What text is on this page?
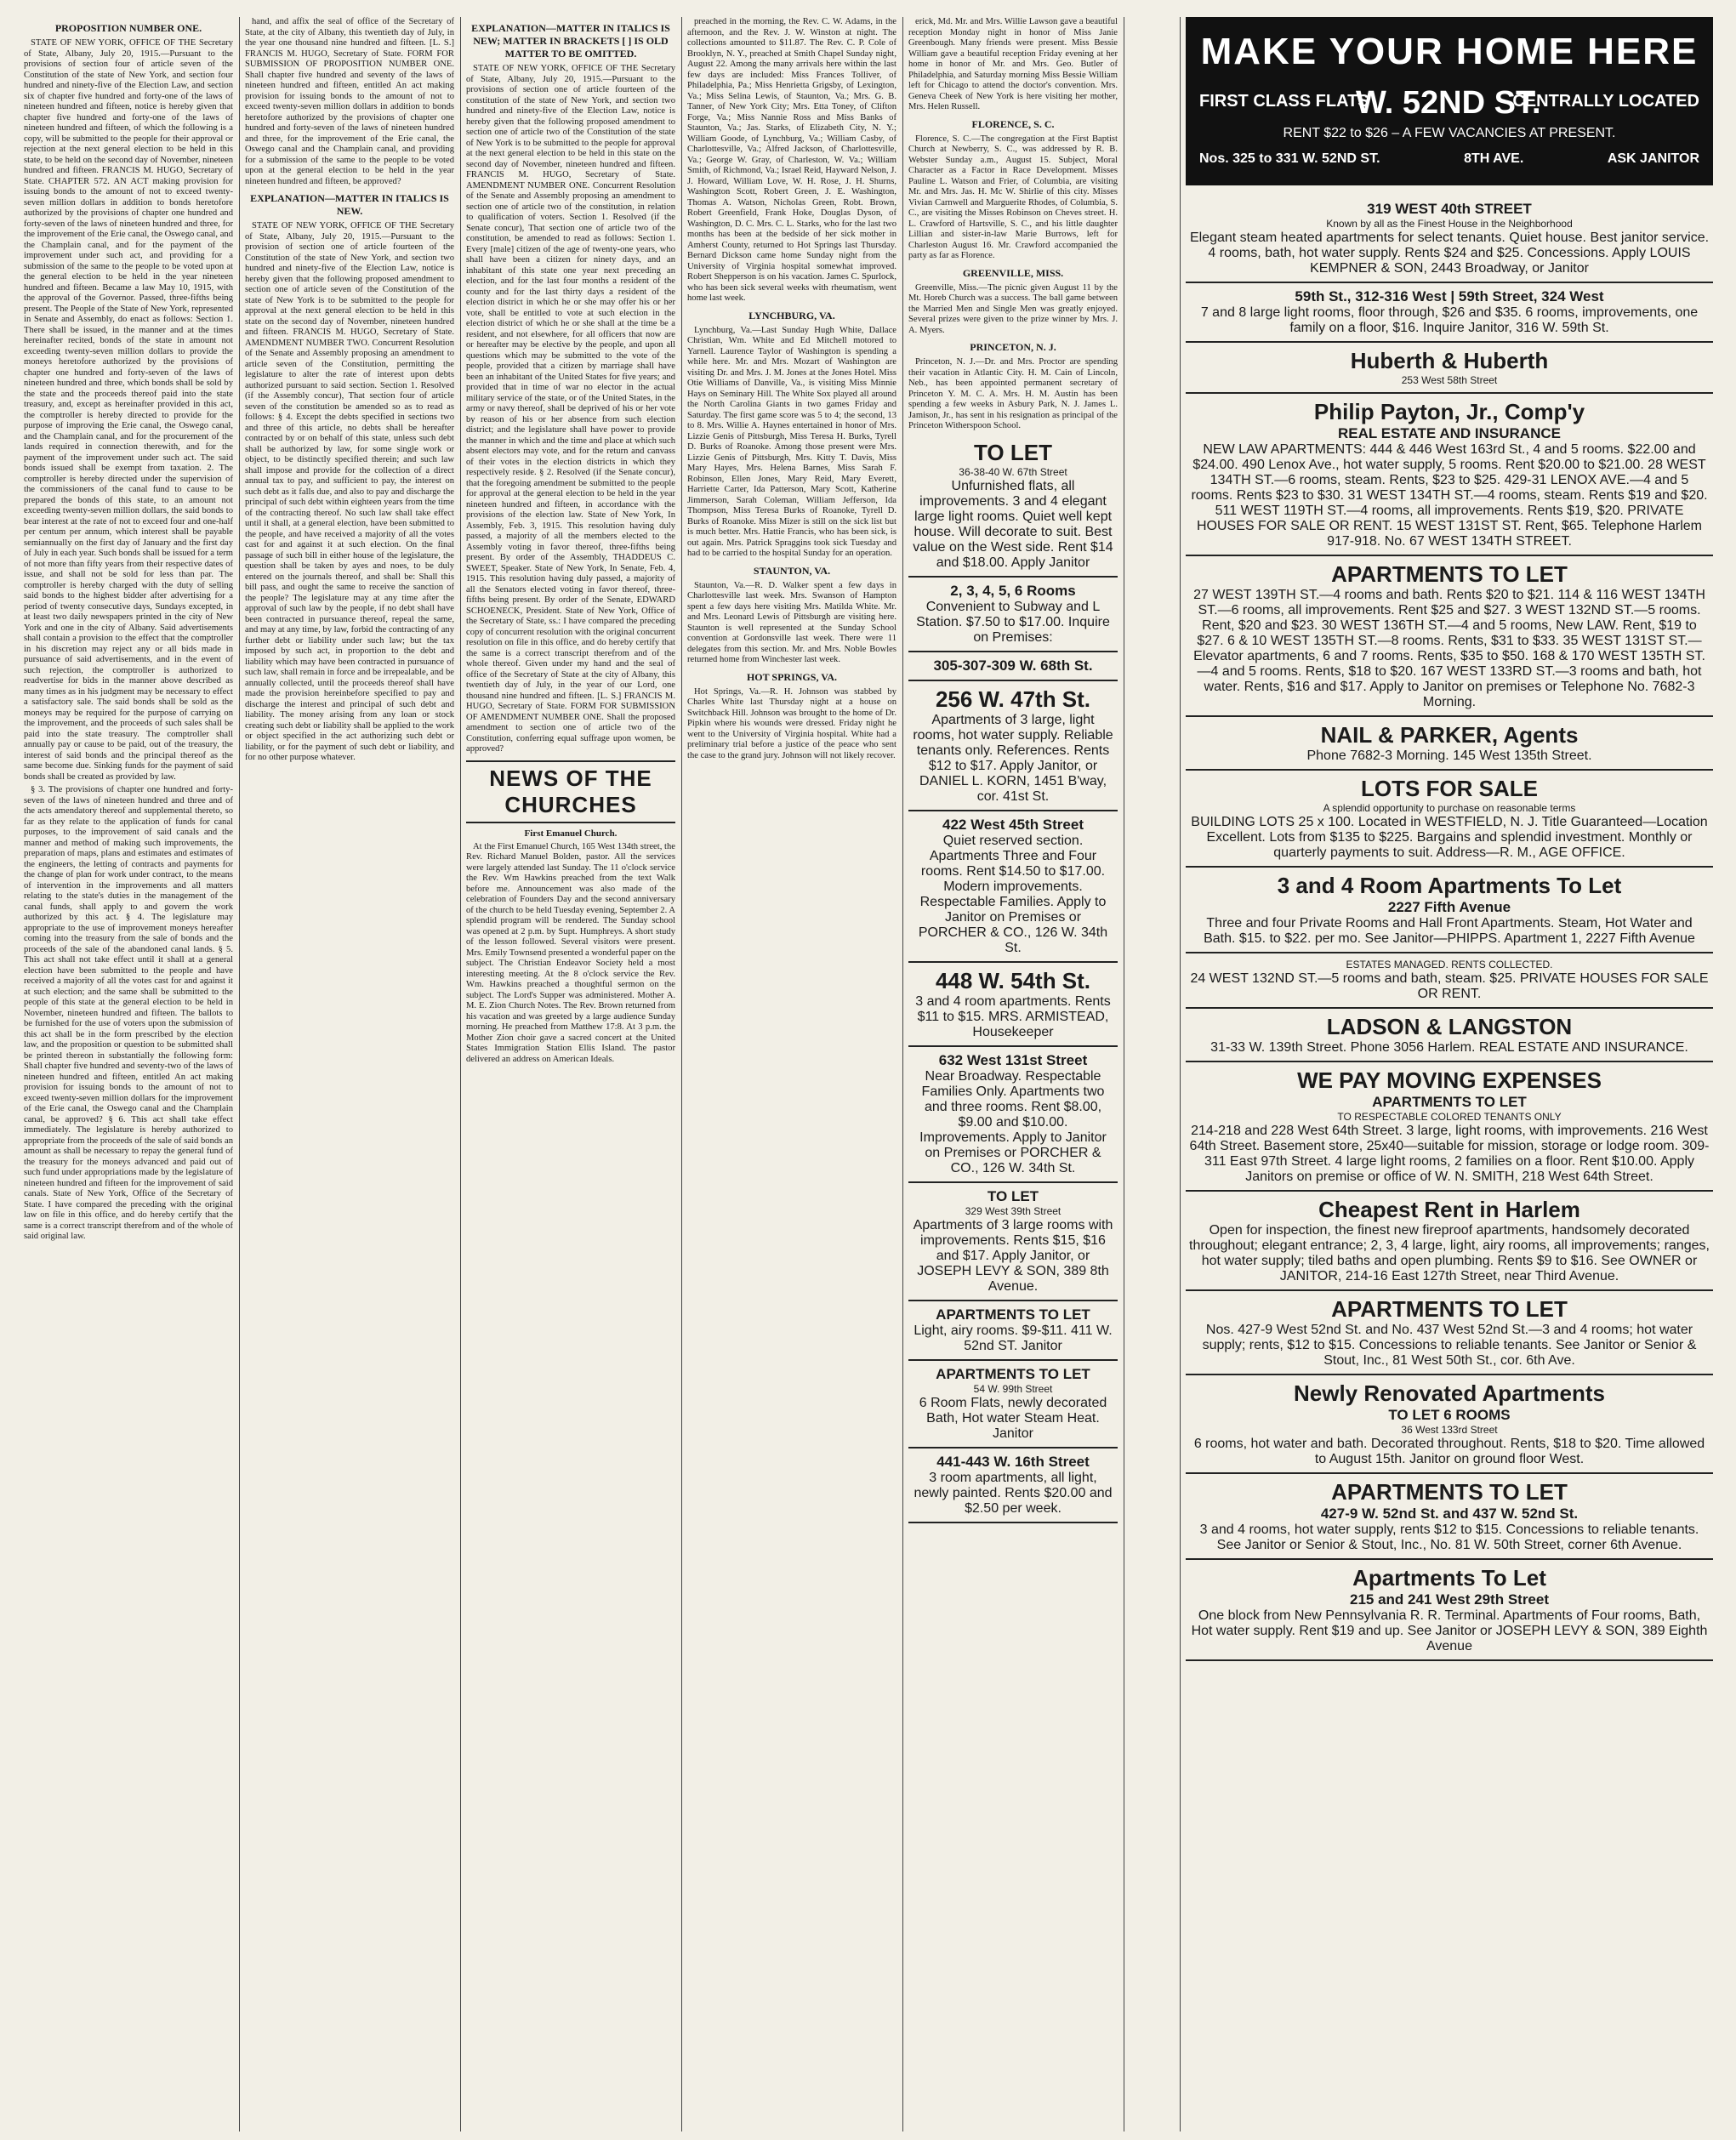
PROPOSITION NUMBER ONE.

STATE OF NEW YORK, OFFICE OF THE Secretary of State, Albany, July 20, 1915.—Pursuant to the provisions of section four of article seven of the Constitution of the state of New York, and section four hundred and ninety-five of the Election Law, and section six of chapter five hundred and forty-one of the laws of nineteen hundred and fifteen, notice is hereby given that chapter five hundred and forty-one of the laws of nineteen hundred and fifteen, of which the following is a copy, will be submitted to the people for their approval or rejection at the next general election to be held in this state, to be held on the second day of November, nineteen hundred and fifteen. FRANCIS M. HUGO, Secretary of State. CHAPTER 572. AN ACT making provision for issuing bonds to the amount of not to exceed twenty-seven million dollars in addition to bonds heretofore authorized by the provisions of chapter one hundred and forty-seven of the laws of nineteen hundred and three, for the improvement of the Erie canal, the Oswego canal, and the Champlain canal, and for the payment of the improvement under such act, and providing for a submission of the same to the people to be voted upon at the general election to be held in the year nineteen hundred and fifteen. Became a law May 10, 1915, with the approval of the Governor. Passed, three-fifths being present. The People of the State of New York, represented in Senate and Assembly, do enact as follows: Section 1. There shall be issued, in the manner and at the times hereinafter recited, bonds of the state in amount not exceeding twenty-seven million dollars to provide the moneys heretofore authorized by the provisions of chapter one hundred and forty-seven of the laws of nineteen hundred and three, which bonds shall be sold by the state and the proceeds thereof paid into the state treasury, and, except as hereinafter provided in this act, the comptroller is hereby directed to provide for the purpose of improving the Erie canal, the Oswego canal, and the Champlain canal, and for the procurement of the lands required in connection therewith, and for the payment of the improvement under such act. The said bonds issued shall be exempt from taxation. 2. The comptroller is hereby directed under the supervision of the commissioners of the canal fund to cause to be prepared the bonds of this state, to an amount not exceeding twenty-seven million dollars, the said bonds to bear interest at the rate of not to exceed four and one-half per centum per annum, which interest shall be payable semiannually on the first day of January and the first day of July in each year. Such bonds shall be issued for a term of not more than fifty years from their respective dates of issue, and shall not be sold for less than par. The comptroller is hereby charged with the duty of selling said bonds to the highest bidder after advertising for a period of twenty consecutive days, Sundays excepted, in at least two daily newspapers printed in the city of New York and one in the city of Albany. Said advertisements shall contain a provision to the effect that the comptroller in his discretion may reject any or all bids made in pursuance of said advertisements, and in the event of such rejection, the comptroller is authorized to readvertise for bids in the manner above described as many times as in his judgment may be necessary to effect a satisfactory sale. The said bonds shall be sold as the moneys may be required for the purpose of carrying on the improvement, and the proceeds of such sales shall be paid into the state treasury. The comptroller shall annually pay or cause to be paid, out of the treasury, the interest of said bonds and the principal thereof as the same become due. Sinking funds for the payment of said bonds shall be created as provided by law.

§ 3. The provisions of chapter one hundred and forty-seven of the laws of nineteen hundred and three and of the acts amendatory thereof and supplemental thereto, so far as they relate to the application of funds for canal purposes, to the improvement of said canals and the manner and method of making such improvements, the preparation of maps, plans and estimates and estimates of the engineers, the letting of contracts and payments for the change of plan for work under contract, to the means of intervention in the improvements and all matters relating to the state's duties in the management of the canal funds, shall apply to and govern the work authorized by this act. § 4. The legislature may appropriate to the use of improvement moneys hereafter coming into the treasury from the sale of bonds and the proceeds of the sale of the abandoned canal lands. § 5. This act shall not take effect until it shall at a general election have been submitted to the people and have received a majority of all the votes cast for and against it at such election; and the same shall be submitted to the people of this state at the general election to be held in November, nineteen hundred and fifteen. The ballots to be furnished for the use of voters upon the submission of this act shall be in the form prescribed by the election law, and the proposition or question to be submitted shall be printed thereon in substantially the following form: Shall chapter five hundred and seventy-two of the laws of nineteen hundred and fifteen, entitled An act making provision for issuing bonds to the amount of not to exceed twenty-seven million dollars for the improvement of the Erie canal, the Oswego canal and the Champlain canal, be approved? § 6. This act shall take effect immediately. The legislature is hereby authorized to appropriate from the proceeds of the sale of said bonds an amount as shall be necessary to repay the general fund of the treasury for the moneys advanced and paid out of such fund under appropriations made by the legislature of nineteen hundred and fifteen for the improvement of said canals. State of New York, Office of the Secretary of State. I have compared the preceding with the original law on file in this office, and do hereby certify that the same is a correct transcript therefrom and of the whole of said original law.

hand, and affix the seal of office of the Secretary of State, at the city of Albany, this twentieth day of July, in the year one thousand nine hundred and fifteen. [L. S.] FRANCIS M. HUGO, Secretary of State. FORM FOR SUBMISSION OF PROPOSITION NUMBER ONE. Shall chapter five hundred and seventy of the laws of nineteen hundred and fifteen, entitled An act making provision for issuing bonds to the amount of not to exceed twenty-seven million dollars in addition to bonds heretofore authorized by the provisions of chapter one hundred and forty-seven of the laws of nineteen hundred and three, for the improvement of the Erie canal, the Oswego canal and the Champlain canal, and providing for a submission of the same to the people to be voted upon at the general election to be held in the year nineteen hundred and fifteen, be approved?

EXPLANATION—MATTER IN ITALICS IS NEW.

STATE OF NEW YORK, OFFICE OF THE Secretary of State, Albany, July 20, 1915.—Pursuant to the provision of section one of article fourteen of the Constitution of the state of New York, and section two hundred and ninety-five of the Election Law, notice is hereby given that the following proposed amendment to section one of article seven of the Constitution of the state of New York is to be submitted to the people for approval at the next general election to be held in this state on the second day of November, nineteen hundred and fifteen. FRANCIS M. HUGO, Secretary of State. AMENDMENT NUMBER TWO. Concurrent Resolution of the Senate and Assembly proposing an amendment to article seven of the Constitution, permitting the legislature to alter the rate of interest upon debts authorized pursuant to said section. Section 1. Resolved (if the Assembly concur), That section four of article seven of the constitution be amended so as to read as follows: § 4. Except the debts specified in sections two and three of this article, no debts shall be hereafter contracted by or on behalf of this state, unless such debt shall be authorized by law, for some single work or object, to be distinctly specified therein; and such law shall impose and provide for the collection of a direct annual tax to pay, and sufficient to pay, the interest on such debt as it falls due, and also to pay and discharge the principal of such debt within eighteen years from the time of the contracting thereof. No such law shall take effect until it shall, at a general election, have been submitted to the people, and have received a majority of all the votes cast for and against it at such election. On the final passage of such bill in either house of the legislature, the question shall be taken by ayes and noes, to be duly entered on the journals thereof, and shall be: Shall this bill pass, and ought the same to receive the sanction of the people? The legislature may at any time after the approval of such law by the people, if no debt shall have been contracted in pursuance thereof, repeal the same, and may at any time, by law, forbid the contracting of any further debt or liability under such law; but the tax imposed by such act, in proportion to the debt and liability which may have been contracted in pursuance of such law, shall remain in force and be irrepealable, and be annually collected, until the proceeds thereof shall have made the provision hereinbefore specified to pay and discharge the interest and principal of such debt and liability. The money arising from any loan or stock creating such debt or liability shall be applied to the work or object specified in the act authorizing such debt or liability, or for the payment of such debt or liability, and for no other purpose whatever.

EXPLANATION—MATTER IN ITALICS IS NEW; MATTER IN BRACKETS [ ] IS OLD MATTER TO BE OMITTED.

STATE OF NEW YORK, OFFICE OF THE Secretary of State, Albany, July 20, 1915.—Pursuant to the provisions of section one of article fourteen of the constitution of the state of New York, and section two hundred and ninety-five of the Election Law, notice is hereby given that the following proposed amendment to section one of article two of the Constitution of the state of New York is to be submitted to the people for approval at the next general election to be held in this state on the second day of November, nineteen hundred and fifteen. FRANCIS M. HUGO, Secretary of State. AMENDMENT NUMBER ONE. Concurrent Resolution of the Senate and Assembly proposing an amendment to section one of article two of the constitution, in relation to qualification of voters. Section 1. Resolved (if the Senate concur), That section one of article two of the constitution, be amended to read as follows: Section 1. Every [male] citizen of the age of twenty-one years, who shall have been a citizen for ninety days, and an inhabitant of this state one year next preceding an election, and for the last four months a resident of the county and for the last thirty days a resident of the election district in which he or she may offer his or her vote, shall be entitled to vote at such election in the election district of which he or she shall at the time be a resident, and not elsewhere, for all officers that now are or hereafter may be elective by the people, and upon all questions which may be submitted to the vote of the people, provided that a citizen by marriage shall have been an inhabitant of the United States for five years; and provided that in time of war no elector in the actual military service of the state, or of the United States, in the army or navy thereof, shall be deprived of his or her vote by reason of his or her absence from such election district; and the legislature shall have power to provide the manner in which and the time and place at which such absent electors may vote, and for the return and canvass of their votes in the election districts in which they respectively reside. § 2. Resolved (if the Senate concur), that the foregoing amendment be submitted to the people for approval at the general election to be held in the year nineteen hundred and fifteen, in accordance with the provisions of the election law. State of New York, In Assembly, Feb. 3, 1915. This resolution having duly passed, a majority of all the members elected to the Assembly voting in favor thereof, three-fifths being present. By order of the Assembly, THADDEUS C. SWEET, Speaker. State of New York, In Senate, Feb. 4, 1915. This resolution having duly passed, a majority of all the Senators elected voting in favor thereof, three-fifths being present. By order of the Senate, EDWARD SCHOENECK, President. State of New York, Office of the Secretary of State, ss.: I have compared the preceding copy of concurrent resolution with the original concurrent resolution on file in this office, and do hereby certify that the same is a correct transcript therefrom and of the whole thereof. Given under my hand and the seal of office of the Secretary of State at the city of Albany, this twentieth day of July, in the year of our Lord, one thousand nine hundred and fifteen. [L. S.] FRANCIS M. HUGO, Secretary of State. FORM FOR SUBMISSION OF AMENDMENT NUMBER ONE. Shall the proposed amendment to section one of article two of the Constitution, conferring equal suffrage upon women, be approved?

NEWS OF THE CHURCHES
First Emanuel Church.

At the First Emanuel Church, 165 West 134th street, the Rev. Richard Manuel Bolden, pastor. All the services were largely attended last Sunday. The 11 o'clock service the Rev. Wm Hawkins preached from the text Walk before me. Announcement was also made of the celebration of Founders Day and the second anniversary of the church to be held Tuesday evening, September 2. A splendid program will be rendered. The Sunday school was opened at 2 p.m. by Supt. Humphreys. A short study of the lesson followed. Several visitors were present. Mrs. Emily Townsend presented a wonderful paper on the subject. The Christian Endeavor Society held a most interesting meeting. At the 8 o'clock service the Rev. Wm. Hawkins preached a thoughtful sermon on the subject. The Lord's Supper was administered. Mother A. M. E. Zion Church Notes. The Rev. Brown returned from his vacation and was greeted by a large audience Sunday morning. He preached from Matthew 17:8. At 3 p.m. the Mother Zion choir gave a sacred concert at the United States Immigration Station Ellis Island. The pastor delivered an address on American Ideals.

preached in the morning, the Rev. C. W. Adams, in the afternoon, and the Rev. J. W. Winston at night. The collections amounted to $11.87. The Rev. C. P. Cole of Brooklyn, N. Y., preached at Smith Chapel Sunday night, August 22. Among the many arrivals here within the last few days are included: Miss Frances Tolliver, of Philadelphia, Pa.; Miss Henrietta Grigsby, of Lexington, Va.; Miss Selina Lewis, of Staunton, Va.; Mrs. G. B. Tanner, of New York City; Mrs. Etta Toney, of Clifton Forge, Va.; Miss Nannie Ross and Miss Banks of Staunton, Va.; Jas. Starks, of Elizabeth City, N. Y.; William Goode, of Lynchburg, Va.; William Casby, of Charlottesville, Va.; Alfred Jackson, of Charlottesville, Va.; George W. Gray, of Charleston, W. Va.; William Smith, of Richmond, Va.; Israel Reid, Hayward Nelson, J. J. Howard, William Love, W. H. Rose, J. H. Shurns, Washington Scott, Robert Green, J. E. Washington, Thomas A. Watson, Nicholas Green, Robt. Brown, Robert Greenfield, Frank Hoke, Douglas Dyson, of Washington, D. C. Mrs. C. L. Starks, who for the last two months has been at the bedside of her sick mother in Amherst County, returned to Hot Springs last Thursday. Bernard Dickson came home Sunday night from the University of Virginia hospital somewhat improved. Robert Shepperson is on his vacation. James C. Spurlock, who has been sick several weeks with rheumatism, went home last week.

LYNCHBURG, VA.

Lynchburg, Va.—Last Sunday Hugh White, Dallace Christian, Wm. White and Ed Mitchell motored to Yarnell. Laurence Taylor of Washington is spending a while here. Mr. and Mrs. Mozart of Washington are visiting Dr. and Mrs. J. M. Jones at the Jones Hotel. Miss Otie Williams of Danville, Va., is visiting Miss Minnie Hays on Seminary Hill. The White Sox played all around the North Carolina Giants in two games Friday and Saturday. The first game score was 5 to 4; the second, 13 to 8. Mrs. Willie A. Haynes entertained in honor of Mrs. Lizzie Genis of Pittsburgh, Miss Teresa H. Burks, Tyrell D. Burks of Roanoke. Among those present were Mrs. Lizzie Genis of Pittsburgh, Mrs. Kitty T. Davis, Miss Mary Hayes, Mrs. Helena Barnes, Miss Sarah F. Robinson, Ellen Jones, Mary Reid, Mary Everett, Harriette Carter, Ida Patterson, Mary Scott, Katherine Jimmerson, Sarah Coleman, William Jefferson, Ida Thompson, Miss Teresa Burks of Roanoke, Tyrell D. Burks of Roanoke. Miss Mizer is still on the sick list but is much better. Mrs. Hattie Francis, who has been sick, is out again. Mrs. Patrick Spraggins took sick Tuesday and had to be carried to the hospital Sunday for an operation.

STAUNTON, VA.

Staunton, Va.—R. D. Walker spent a few days in Charlottesville last week. Mrs. Swanson of Hampton spent a few days here visiting Mrs. Matilda White. Mr. and Mrs. Leonard Lewis of Pittsburgh are visiting here. Staunton is well represented at the Sunday School convention at Gordonsville last week. There were 11 delegates from this section. Mr. and Mrs. Noble Bowles returned home from Winchester last week.

HOT SPRINGS, VA.

Hot Springs, Va.—R. H. Johnson was stabbed by Charles White last Thursday night at a house on Switchback Hill. Johnson was brought to the home of Dr. Pipkin where his wounds were dressed. Friday night he went to the University of Virginia hospital. White had a preliminary trial before a justice of the peace who sent the case to the grand jury. Johnson will not likely recover.

erick, Md. Mr. and Mrs. Willie Lawson gave a beautiful reception Monday night in honor of Miss Janie Greenbough. Many friends were present. Miss Bessie William gave a beautiful reception Friday evening at her home in honor of Mr. and Mrs. Geo. Butler of Philadelphia, and Saturday morning Miss Bessie William left for Chicago to attend the doctor's convention. Mrs. Geneva Cheek of New York is here visiting her mother, Mrs. Helen Russell.

FLORENCE, S. C.

Florence, S. C.—The congregation at the First Baptist Church at Newberry, S. C., was addressed by R. B. Webster Sunday a.m., August 15. Subject, Moral Character as a Factor in Race Development. Misses Pauline L. Watson and Frier, of Columbia, are visiting Mr. and Mrs. Jas. H. Mc W. Shirlie of this city. Misses Vivian Carnwell and Marguerite Rhodes, of Columbia, S. C., are visiting the Misses Robinson on Cheves street. H. L. Crawford of Hartsville, S. C., and his little daughter Lillian and sister-in-law Marie Burrows, left for Charleston August 16. Mr. Crawford accompanied the party as far as Florence.

GREENVILLE, MISS.

Greenville, Miss.—The picnic given August 11 by the Mt. Horeb Church was a success. The ball game between the Married Men and Single Men was greatly enjoyed. Several prizes were given to the prize winner by Mrs. J. A. Myers.

PRINCETON, N. J.

Princeton, N. J.—Dr. and Mrs. Proctor are spending their vacation in Atlantic City. H. M. Cain of Lincoln, Neb., has been appointed permanent secretary of Princeton Y. M. C. A. Mrs. H. M. Austin has been spending a few weeks in Asbury Park, N. J. James L. Jamison, Jr., has sent in his resignation as principal of the Princeton Witherspoon School.

TO LET
36-38-40 W. 67th Street
Unfurnished flats, all improvements. 3 and 4 elegant large light rooms. Quiet well kept house. Will decorate to suit. Best value on the West side. Rent $14 and $18.00. Apply Janitor
2, 3, 4, 5, 6 Rooms
Convenient to Subway and L Station. $7.50 to $17.00. Inquire on Premises:
305-307-309 W. 68th St.
256 W. 47th St.
Apartments of 3 large, light rooms, hot water supply. Reliable tenants only. References. Rents $12 to $17. Apply Janitor, or DANIEL L. KORN, 1451 B'way, cor. 41st St.
422 West 45th Street
Quiet reserved section. Apartments Three and Four rooms. Rent $14.50 to $17.00. Modern improvements. Respectable Families. Apply to Janitor on Premises or PORCHER & CO., 126 W. 34th St.
448 W. 54th St.
3 and 4 room apartments. Rents $11 to $15. MRS. ARMISTEAD, Housekeeper
632 West 131st Street
Near Broadway. Respectable Families Only. Apartments two and three rooms. Rent $8.00, $9.00 and $10.00. Improvements. Apply to Janitor on Premises or PORCHER & CO., 126 W. 34th St.
TO LET
329 West 39th Street
Apartments of 3 large rooms with improvements. Rents $15, $16 and $17. Apply Janitor, or JOSEPH LEVY & SON, 389 8th Avenue.
APARTMENTS TO LET
Light, airy rooms. $9-$11. 411 W. 52nd ST. Janitor
APARTMENTS TO LET
54 W. 99th Street
6 Room Flats, newly decorated Bath, Hot water Steam Heat. Janitor
441-443 W. 16th Street
3 room apartments, all light, newly painted. Rents $20.00 and $2.50 per week.
MAKE YOUR HOME HERE
FIRST CLASS FLATS
W. 52ND ST.
CENTRALLY LOCATED
RENT $22 to $26 – A FEW VACANCIES AT PRESENT.
Nos. 325 to 331 W. 52ND ST.	8TH AVE.	ASK JANITOR
319 WEST 40th STREET
Known by all as the Finest House in the Neighborhood
Elegant steam heated apartments for select tenants. Quiet house. Best janitor service. 4 rooms, bath, hot water supply. Rents $24 and $25. Concessions. Apply LOUIS KEMPNER & SON, 2443 Broadway, or Janitor
59th St., 312-316 West | 59th Street, 324 West
7 and 8 large light rooms, floor through, $26 and $35. 6 rooms, improvements, one family on a floor, $16. Inquire Janitor, 316 W. 59th St.
Huberth & Huberth
253 West 58th Street
Philip Payton, Jr., Comp'y
REAL ESTATE AND INSURANCE
NEW LAW APARTMENTS: 444 & 446 West 163rd St., 4 and 5 rooms. $22.00 and $24.00. 490 Lenox Ave., hot water supply, 5 rooms. Rent $20.00 to $21.00. 28 WEST 134TH ST.—6 rooms, steam. Rents, $23 to $25. 429-31 LENOX AVE.—4 and 5 rooms. Rents $23 to $30. 31 WEST 134TH ST.—4 rooms, steam. Rents $19 and $20. 511 WEST 119TH ST.—4 rooms, all improvements. Rents $19, $20. PRIVATE HOUSES FOR SALE OR RENT. 15 WEST 131ST ST. Rent, $65. Telephone Harlem 917-918. No. 67 WEST 134TH STREET.
APARTMENTS TO LET
27 WEST 139TH ST.—4 rooms and bath. Rents $20 to $21. 114 & 116 WEST 134TH ST.—6 rooms, all improvements. Rent $25 and $27. 3 WEST 132ND ST.—5 rooms. Rent, $20 and $23. 30 WEST 136TH ST.—4 and 5 rooms, New LAW. Rent, $19 to $27. 6 & 10 WEST 135TH ST.—8 rooms. Rents, $31 to $33. 35 WEST 131ST ST.—Elevator apartments, 6 and 7 rooms. Rents, $35 to $50. 168 & 170 WEST 135TH ST.—4 and 5 rooms. Rents, $18 to $20. 167 WEST 133RD ST.—3 rooms and bath, hot water. Rents, $16 and $17. Apply to Janitor on premises or Telephone No. 7682-3 Morning.
NAIL & PARKER, Agents
Phone 7682-3 Morning. 145 West 135th Street.
LOTS FOR SALE
A splendid opportunity to purchase on reasonable terms
BUILDING LOTS 25 x 100. Located in WESTFIELD, N. J. Title Guaranteed—Location Excellent. Lots from $135 to $225. Bargains and splendid investment. Monthly or quarterly payments to suit. Address—R. M., AGE OFFICE.
3 and 4 Room Apartments To Let
2227 Fifth Avenue
Three and four Private Rooms and Hall Front Apartments. Steam, Hot Water and Bath. $15. to $22. per mo. See Janitor—PHIPPS. Apartment 1, 2227 Fifth Avenue
ESTATES MANAGED. RENTS COLLECTED.
24 WEST 132ND ST.—5 rooms and bath, steam. $25. PRIVATE HOUSES FOR SALE OR RENT.
LADSON & LANGSTON
31-33 W. 139th Street. Phone 3056 Harlem. REAL ESTATE AND INSURANCE.
WE PAY MOVING EXPENSES
APARTMENTS TO LET
TO RESPECTABLE COLORED TENANTS ONLY
214-218 and 228 West 64th Street. 3 large, light rooms, with improvements. 216 West 64th Street. Basement store, 25x40—suitable for mission, storage or lodge room. 309-311 East 97th Street. 4 large light rooms, 2 families on a floor. Rent $10.00. Apply Janitors on premise or office of W. N. SMITH, 218 West 64th Street.
Cheapest Rent in Harlem
Open for inspection, the finest new fireproof apartments, handsomely decorated throughout; elegant entrance; 2, 3, 4 large, light, airy rooms, all improvements; ranges, hot water supply; tiled baths and open plumbing. Rents $9 to $16. See OWNER or JANITOR, 214-16 East 127th Street, near Third Avenue.
APARTMENTS TO LET
Nos. 427-9 West 52nd St. and No. 437 West 52nd St.—3 and 4 rooms; hot water supply; rents, $12 to $15. Concessions to reliable tenants. See Janitor or Senior & Stout, Inc., 81 West 50th St., cor. 6th Ave.
Newly Renovated Apartments
TO LET 6 ROOMS
36 West 133rd Street
6 rooms, hot water and bath. Decorated throughout. Rents, $18 to $20. Time allowed to August 15th. Janitor on ground floor West.
APARTMENTS TO LET
427-9 W. 52nd St. and 437 W. 52nd St.
3 and 4 rooms, hot water supply, rents $12 to $15. Concessions to reliable tenants. See Janitor or Senior & Stout, Inc., No. 81 W. 50th Street, corner 6th Avenue.
Apartments To Let
215 and 241 West 29th Street
One block from New Pennsylvania R. R. Terminal. Apartments of Four rooms, Bath, Hot water supply. Rent $19 and up. See Janitor or JOSEPH LEVY & SON, 389 Eighth Avenue
